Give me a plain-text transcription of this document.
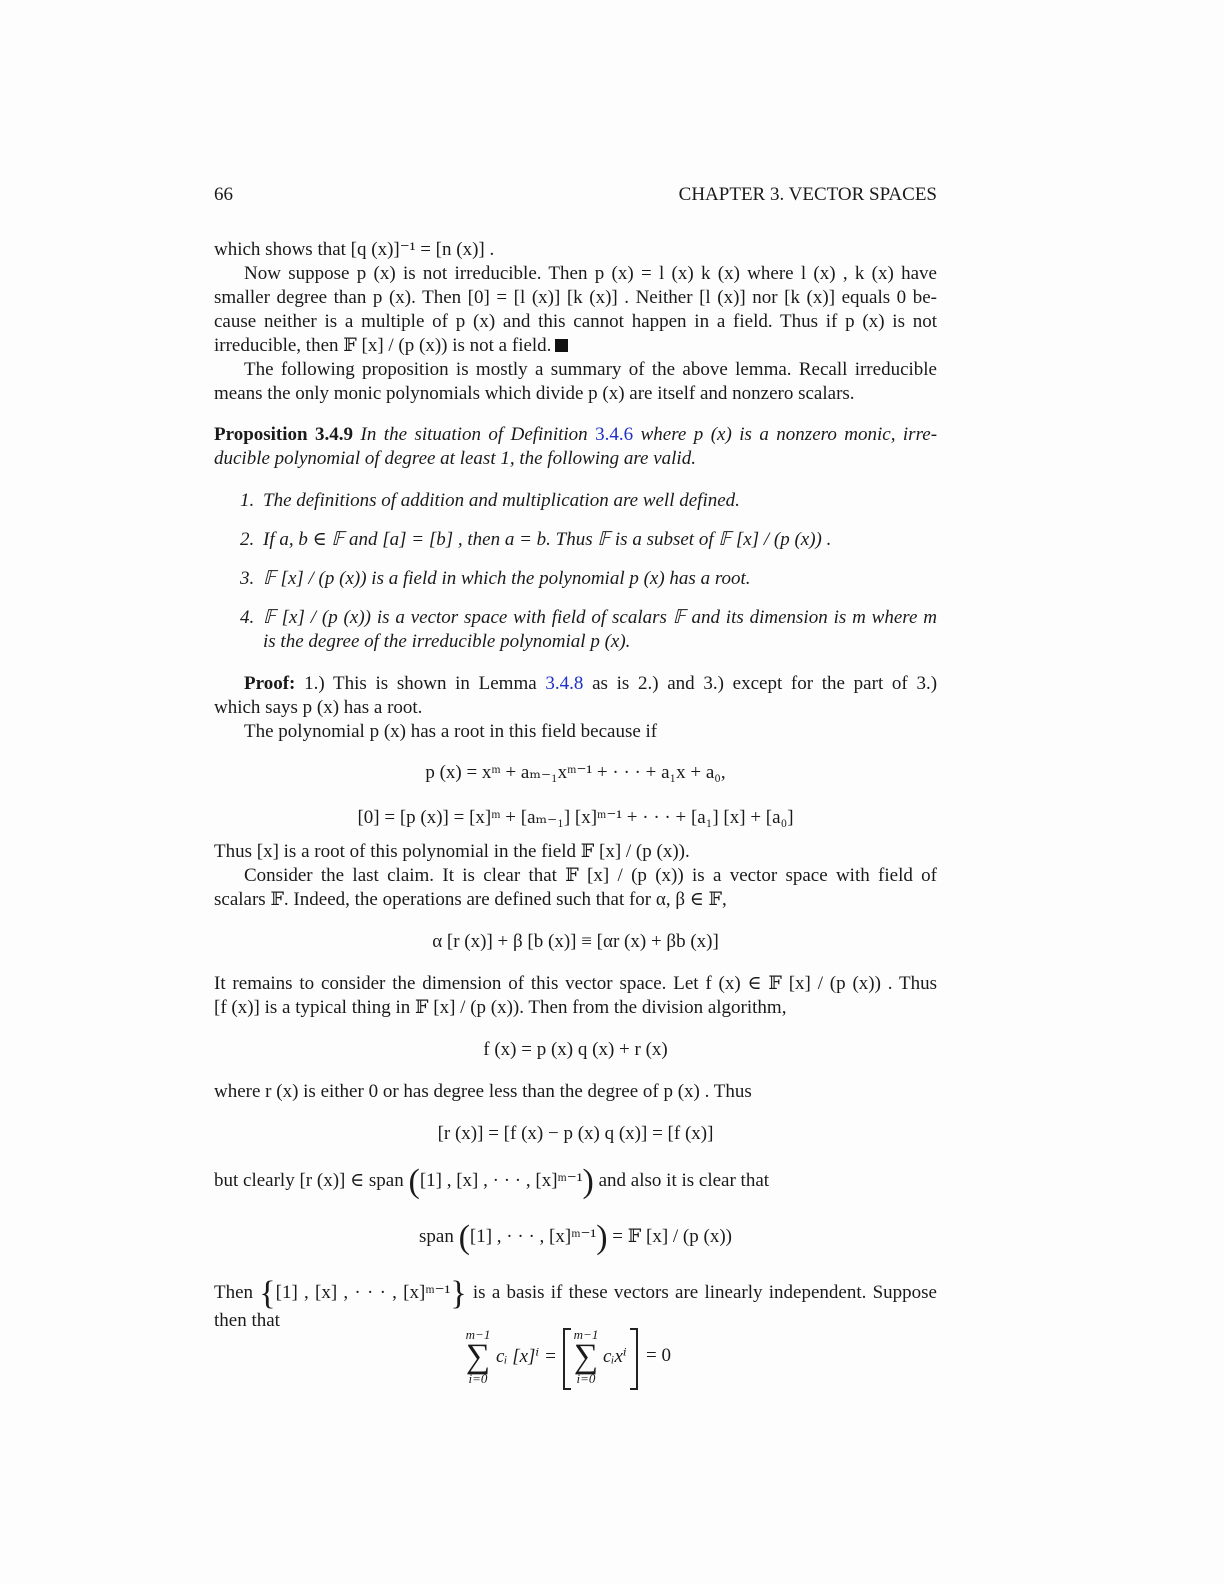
66	CHAPTER 3. VECTOR SPACES
which shows that [q (x)]⁻¹ = [n (x)] .
Now suppose p (x) is not irreducible. Then p (x) = l (x) k (x) where l (x) , k (x) have
smaller degree than p (x). Then [0] = [l (x)] [k (x)] . Neither [l (x)] nor [k (x)] equals 0 be-
cause neither is a multiple of p (x) and this cannot happen in a field. Thus if p (x) is not
irreducible, then 𝔽 [x] / (p (x)) is not a field.
The following proposition is mostly a summary of the above lemma. Recall irreducible
means the only monic polynomials which divide p (x) are itself and nonzero scalars.
Proposition 3.4.9 In the situation of Definition 3.4.6 where p (x) is a nonzero monic, irre-
ducible polynomial of degree at least 1, the following are valid.
1. The definitions of addition and multiplication are well defined.
2. If a, b ∈ 𝔽 and [a] = [b] , then a = b. Thus 𝔽 is a subset of 𝔽 [x] / (p (x)) .
3. 𝔽 [x] / (p (x)) is a field in which the polynomial p (x) has a root.
4. 𝔽 [x] / (p (x)) is a vector space with field of scalars 𝔽 and its dimension is m where m
is the degree of the irreducible polynomial p (x).
Proof: 1.) This is shown in Lemma 3.4.8 as is 2.) and 3.) except for the part of 3.)
which says p (x) has a root.
The polynomial p (x) has a root in this field because if
p (x) = xᵐ + aₘ₋₁xᵐ⁻¹ + · · · + a₁x + a₀,
[0] = [p (x)] = [x]ᵐ + [aₘ₋₁] [x]ᵐ⁻¹ + · · · + [a₁] [x] + [a₀]
Thus [x] is a root of this polynomial in the field 𝔽 [x] / (p (x)).
Consider the last claim. It is clear that 𝔽 [x] / (p (x)) is a vector space with field of
scalars 𝔽. Indeed, the operations are defined such that for α, β ∈ 𝔽,
α [r (x)] + β [b (x)] ≡ [αr (x) + βb (x)]
It remains to consider the dimension of this vector space. Let f (x) ∈ 𝔽 [x] / (p (x)) . Thus
[f (x)] is a typical thing in 𝔽 [x] / (p (x)). Then from the division algorithm,
f (x) = p (x) q (x) + r (x)
where r (x) is either 0 or has degree less than the degree of p (x) . Thus
[r (x)] = [f (x) − p (x) q (x)] = [f (x)]
but clearly [r (x)] ∈ span ([1] , [x] , · · · , [x]ᵐ⁻¹) and also it is clear that
span ([1] , · · · , [x]ᵐ⁻¹) = 𝔽 [x] / (p (x))
Then {[1] , [x] , · · · , [x]ᵐ⁻¹} is a basis if these vectors are linearly independent. Suppose
then that
m−1
∑
i=0
cᵢ [x]ⁱ =
m−1
∑
i=0
cᵢxⁱ = 0
